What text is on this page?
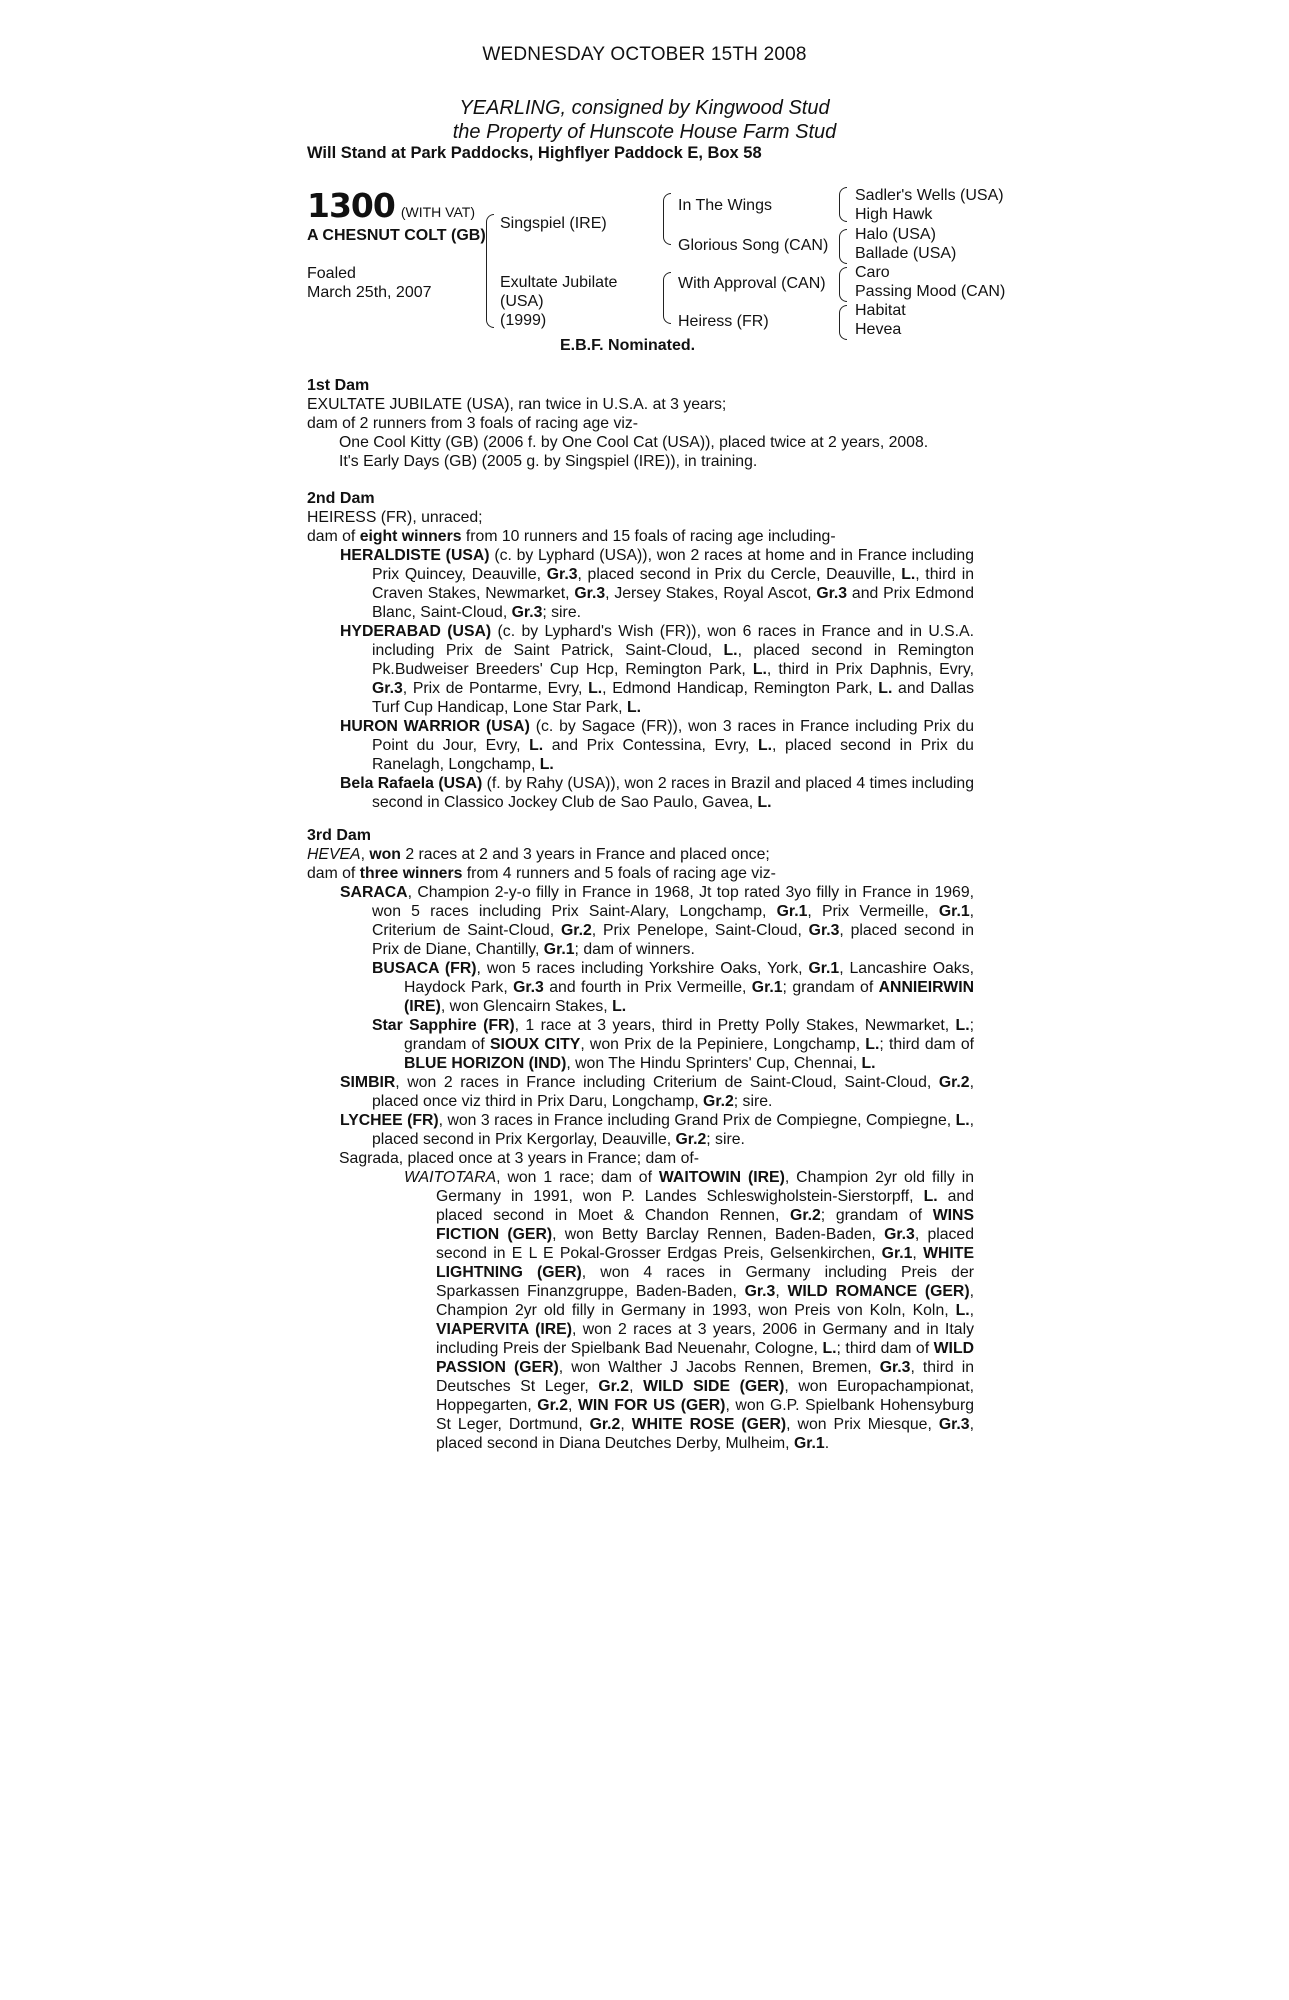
WEDNESDAY OCTOBER 15TH 2008
YEARLING, consigned by Kingwood Stud
the Property of Hunscote House Farm Stud
Will Stand at Park Paddocks, Highflyer Paddock E, Box 58
1300 (WITH VAT)
A CHESNUT COLT (GB)
Foaled
March 25th, 2007
Singspiel (IRE)
Exultate Jubilate
(USA)
(1999)
In The Wings
Glorious Song (CAN)
With Approval (CAN)
Heiress (FR)
Sadler's Wells (USA)
High Hawk
Halo (USA)
Ballade (USA)
Caro
Passing Mood (CAN)
Habitat
Hevea
E.B.F. Nominated.

1st Dam

EXULTATE JUBILATE (USA), ran twice in U.S.A. at 3 years;

dam of 2 runners from 3 foals of racing age viz-

One Cool Kitty (GB) (2006 f. by One Cool Cat (USA)), placed twice at 2 years, 2008.

It's Early Days (GB) (2005 g. by Singspiel (IRE)), in training.

2nd Dam

HEIRESS (FR), unraced;

dam of eight winners from 10 runners and 15 foals of racing age including-

HERALDISTE (USA) (c. by Lyphard (USA)), won 2 races at home and in France including Prix Quincey, Deauville, Gr.3, placed second in Prix du Cercle, Deauville, L., third in Craven Stakes, Newmarket, Gr.3, Jersey Stakes, Royal Ascot, Gr.3 and Prix Edmond Blanc, Saint-Cloud, Gr.3; sire.

HYDERABAD (USA) (c. by Lyphard's Wish (FR)), won 6 races in France and in U.S.A. including Prix de Saint Patrick, Saint-Cloud, L., placed second in Remington Pk.Budweiser Breeders' Cup Hcp, Remington Park, L., third in Prix Daphnis, Evry, Gr.3, Prix de Pontarme, Evry, L., Edmond Handicap, Remington Park, L. and Dallas Turf Cup Handicap, Lone Star Park, L.

HURON WARRIOR (USA) (c. by Sagace (FR)), won 3 races in France including Prix du Point du Jour, Evry, L. and Prix Contessina, Evry, L., placed second in Prix du Ranelagh, Longchamp, L.

Bela Rafaela (USA) (f. by Rahy (USA)), won 2 races in Brazil and placed 4 times including second in Classico Jockey Club de Sao Paulo, Gavea, L.

3rd Dam

HEVEA, won 2 races at 2 and 3 years in France and placed once;

dam of three winners from 4 runners and 5 foals of racing age viz-

SARACA, Champion 2-y-o filly in France in 1968, Jt top rated 3yo filly in France in 1969, won 5 races including Prix Saint-Alary, Longchamp, Gr.1, Prix Vermeille, Gr.1, Criterium de Saint-Cloud, Gr.2, Prix Penelope, Saint-Cloud, Gr.3, placed second in Prix de Diane, Chantilly, Gr.1; dam of winners.

BUSACA (FR), won 5 races including Yorkshire Oaks, York, Gr.1, Lancashire Oaks, Haydock Park, Gr.3 and fourth in Prix Vermeille, Gr.1; grandam of ANNIEIRWIN (IRE), won Glencairn Stakes, L.

Star Sapphire (FR), 1 race at 3 years, third in Pretty Polly Stakes, Newmarket, L.; grandam of SIOUX CITY, won Prix de la Pepiniere, Longchamp, L.; third dam of BLUE HORIZON (IND), won The Hindu Sprinters' Cup, Chennai, L.

SIMBIR, won 2 races in France including Criterium de Saint-Cloud, Saint-Cloud, Gr.2, placed once viz third in Prix Daru, Longchamp, Gr.2; sire.

LYCHEE (FR), won 3 races in France including Grand Prix de Compiegne, Compiegne, L., placed second in Prix Kergorlay, Deauville, Gr.2; sire.

Sagrada, placed once at 3 years in France; dam of-

WAITOTARA, won 1 race; dam of WAITOWIN (IRE), Champion 2yr old filly in Germany in 1991, won P. Landes Schleswigholstein-Sierstorpff, L. and placed second in Moet & Chandon Rennen, Gr.2; grandam of WINS FICTION (GER), won Betty Barclay Rennen, Baden-Baden, Gr.3, placed second in E L E Pokal-Grosser Erdgas Preis, Gelsenkirchen, Gr.1, WHITE LIGHTNING (GER), won 4 races in Germany including Preis der Sparkassen Finanzgruppe, Baden-Baden, Gr.3, WILD ROMANCE (GER), Champion 2yr old filly in Germany in 1993, won Preis von Koln, Koln, L., VIAPERVITA (IRE), won 2 races at 3 years, 2006 in Germany and in Italy including Preis der Spielbank Bad Neuenahr, Cologne, L.; third dam of WILD PASSION (GER), won Walther J Jacobs Rennen, Bremen, Gr.3, third in Deutsches St Leger, Gr.2, WILD SIDE (GER), won Europachampionat, Hoppegarten, Gr.2, WIN FOR US (GER), won G.P. Spielbank Hohensyburg St Leger, Dortmund, Gr.2, WHITE ROSE (GER), won Prix Miesque, Gr.3, placed second in Diana Deutches Derby, Mulheim, Gr.1.
